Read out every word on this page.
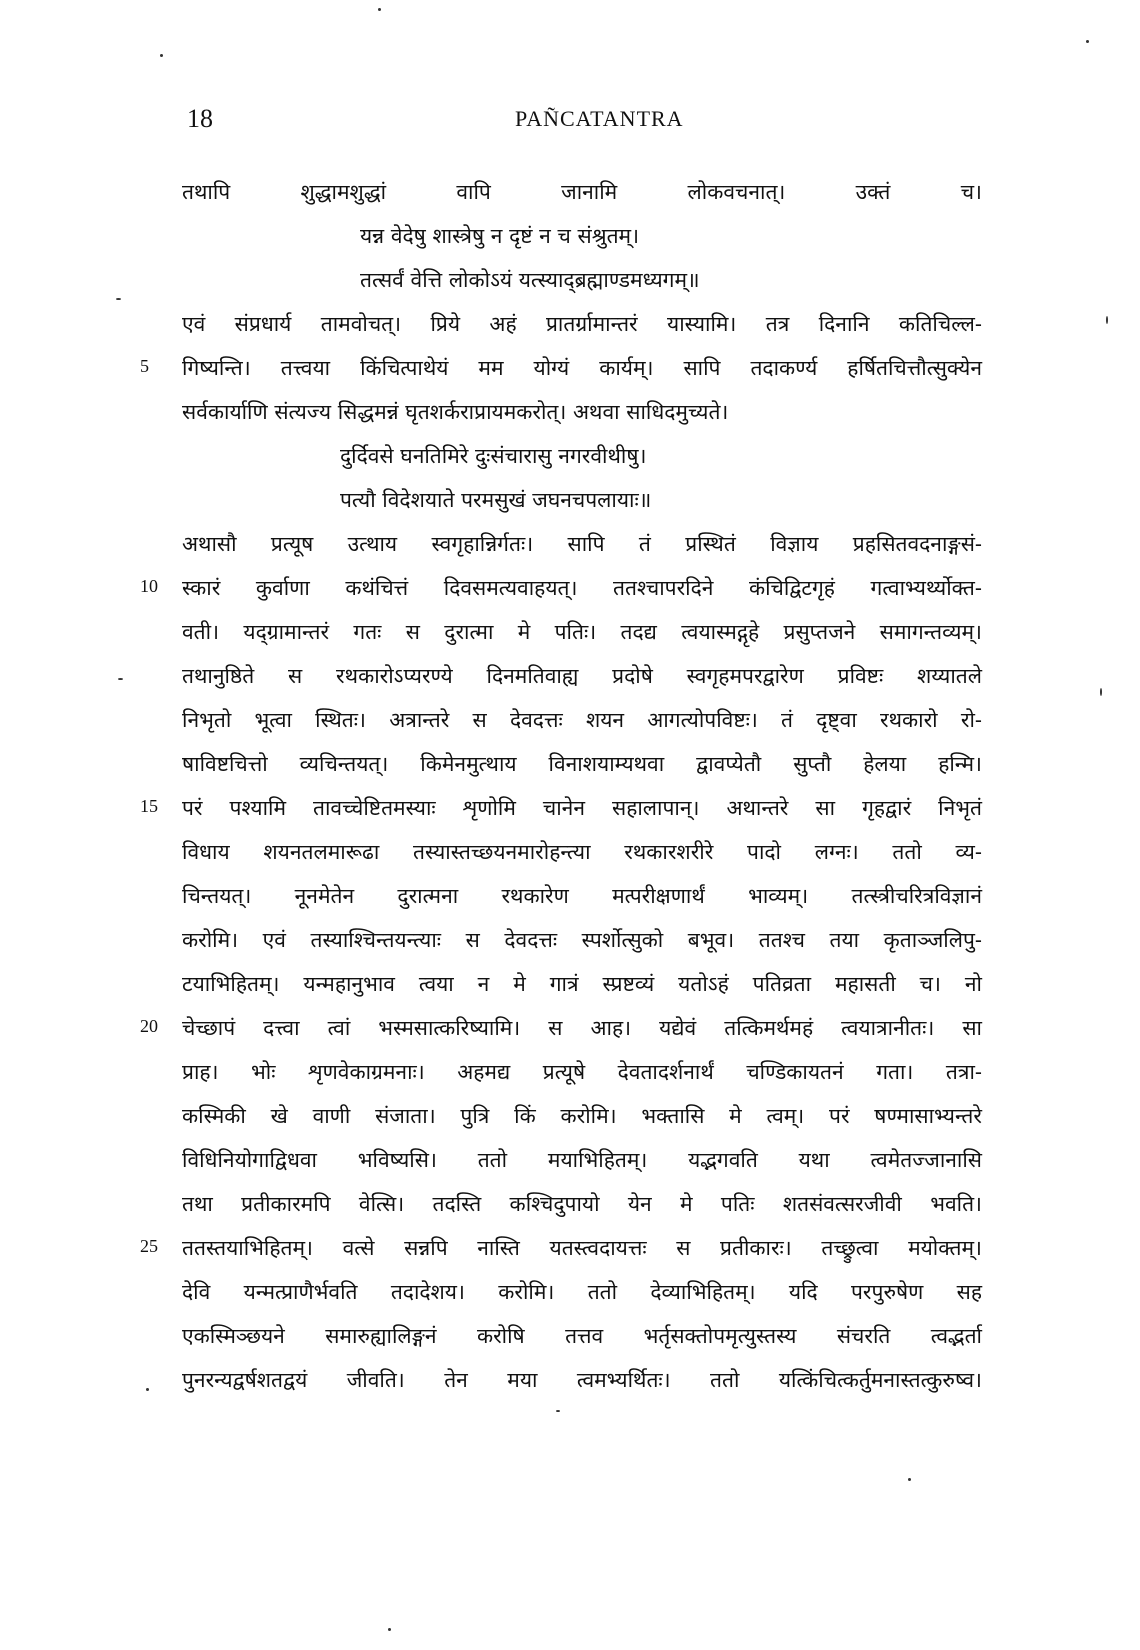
18	PAÑCATANTRA
तथापि शुद्धामशुद्धां वापि जानामि लोकवचनात्। उक्तं च।
यन्न वेदेषु शास्त्रेषु न दृष्टं न च संश्रुतम्।
तत्सर्वं वेत्ति लोकोऽयं यत्स्याद्ब्रह्माण्डमध्यगम्॥
एवं संप्रधार्य तामवोचत्। प्रिये अहं प्रातर्ग्रामान्तरं यास्यामि। तत्र दिनानि कतिचिल्ल-
गिष्यन्ति। तत्त्वया किंचित्पाथेयं मम योग्यं कार्यम्। सापि तदाकर्ण्य हर्षितचित्तौत्सुक्येन
सर्वकार्याणि संत्यज्य सिद्धमन्नं घृतशर्कराप्रायमकरोत्। अथवा साधिदमुच्यते।
दुर्दिवसे घनतिमिरे दुःसंचारासु नगरवीथीषु।
पत्यौ विदेशयाते परमसुखं जघनचपलायाः॥
अथासौ प्रत्यूष उत्थाय स्वगृहान्निर्गतः। सापि तं प्रस्थितं विज्ञाय प्रहसितवदनाङ्गसं-
स्कारं कुर्वाणा कथंचित्तं दिवसमत्यवाहयत्। ततश्चापरदिने कंचिद्विटगृहं गत्वाभ्यर्थ्योक्त-
वती। यद्ग्रामान्तरं गतः स दुरात्मा मे पतिः। तदद्य त्वयास्मद्गृहे प्रसुप्तजने समागन्तव्यम्।
तथानुष्ठिते स रथकारोऽप्यरण्ये दिनमतिवाह्य प्रदोषे स्वगृहमपरद्वारेण प्रविष्टः शय्यातले
निभृतो भूत्वा स्थितः। अत्रान्तरे स देवदत्तः शयन आगत्योपविष्टः। तं दृष्ट्वा रथकारो रो-
षाविष्टचित्तो व्यचिन्तयत्। किमेनमुत्थाय विनाशयाम्यथवा द्वावप्येतौ सुप्तौ हेलया हन्मि।
परं पश्यामि तावच्चेष्टितमस्याः शृणोमि चानेन सहालापान्। अथान्तरे सा गृहद्वारं निभृतं
विधाय शयनतलमारूढा तस्यास्तच्छयनमारोहन्त्या रथकारशरीरे पादो लग्नः। ततो व्य-
चिन्तयत्। नूनमेतेन दुरात्मना रथकारेण मत्परीक्षणार्थं भाव्यम्। तत्स्त्रीचरित्रविज्ञानं
करोमि। एवं तस्याश्चिन्तयन्त्याः स देवदत्तः स्पर्शोत्सुको बभूव। ततश्च तया कृताञ्जलिपु-
टयाभिहितम्। यन्महानुभाव त्वया न मे गात्रं स्प्रष्टव्यं यतोऽहं पतिव्रता महासती च। नो
चेच्छापं दत्त्वा त्वां भस्मसात्करिष्यामि। स आह। यद्येवं तत्किमर्थमहं त्वयात्रानीतः। सा
प्राह। भोः शृणवेकाग्रमनाः। अहमद्य प्रत्यूषे देवतादर्शनार्थं चण्डिकायतनं गता। तत्रा-
कस्मिकी खे वाणी संजाता। पुत्रि किं करोमि। भक्तासि मे त्वम्। परं षण्मासाभ्यन्तरे
विधिनियोगाद्विधवा भविष्यसि। ततो मयाभिहितम्। यद्भगवति यथा त्वमेतज्जानासि
तथा प्रतीकारमपि वेत्सि। तदस्ति कश्चिदुपायो येन मे पतिः शतसंवत्सरजीवी भवति।
ततस्तयाभिहितम्। वत्से सन्नपि नास्ति यतस्त्वदायत्तः स प्रतीकारः। तच्छ्रुत्वा मयोक्तम्।
देवि यन्मत्प्राणैर्भवति तदादेशय। करोमि। ततो देव्याभिहितम्। यदि परपुरुषेण सह
एकस्मिञ्छयने समारुह्यालिङ्गनं करोषि तत्तव भर्तृसक्तोपमृत्युस्तस्य संचरति त्वद्भर्ता
पुनरन्यद्वर्षशतद्वयं जीवति। तेन मया त्वमभ्यर्थितः। ततो यत्किंचित्कर्तुमनास्तत्कुरुष्व।
5
10
15
20
25
